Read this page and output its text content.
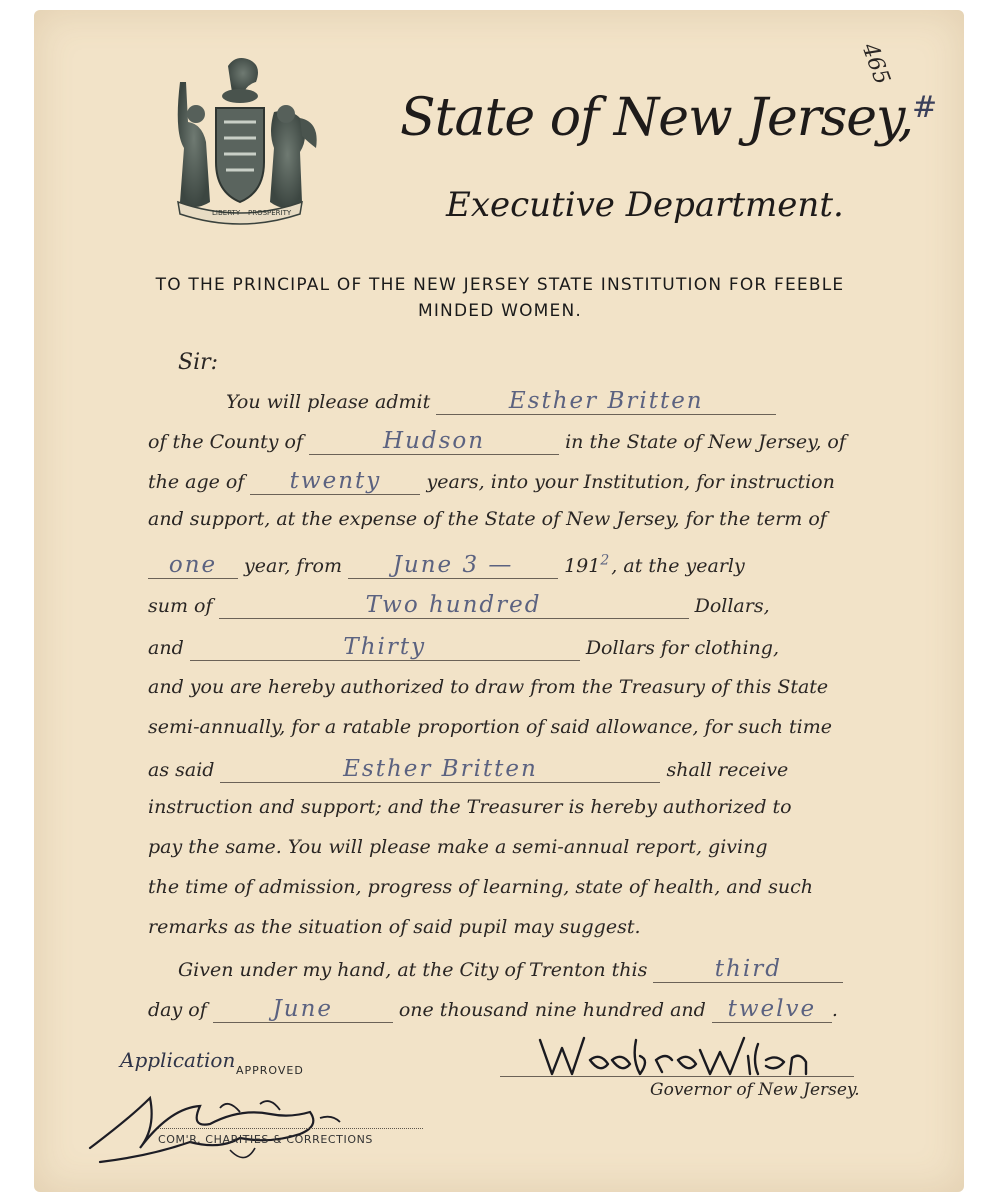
LIBERTY PROSPERITY
465
#
State of New Jersey,
Executive Department.
TO THE PRINCIPAL OF THE NEW JERSEY STATE INSTITUTION FOR FEEBLE MINDED WOMEN.
Sir:
You will please admit	Esther Britten
of the County of	Hudson	in the State of New Jersey, of
the age of twenty years, into your Institution, for instruction
and support, at the expense of the State of New Jersey, for the term of
one year, from June 3 —	$191^2$, at the yearly
sum of	Two hundred	Dollars,
and	Thirty	Dollars for clothing,
and you are hereby authorized to draw from the Treasury of this State
semi-annually, for a ratable proportion of said allowance, for such time
as said	Esther Britten	shall receive
instruction and support; and the Treasurer is hereby authorized to
pay the same. You will please make a semi-annual report, giving
the time of admission, progress of learning, state of health, and such
remarks as the situation of said pupil may suggest.
Given under my hand, at the City of Trenton this	third
day of	June	one thousand nine hundred and twelve .
Application APPROVED
COM'R. CHARITIES & CORRECTIONS
Governor of New Jersey.
